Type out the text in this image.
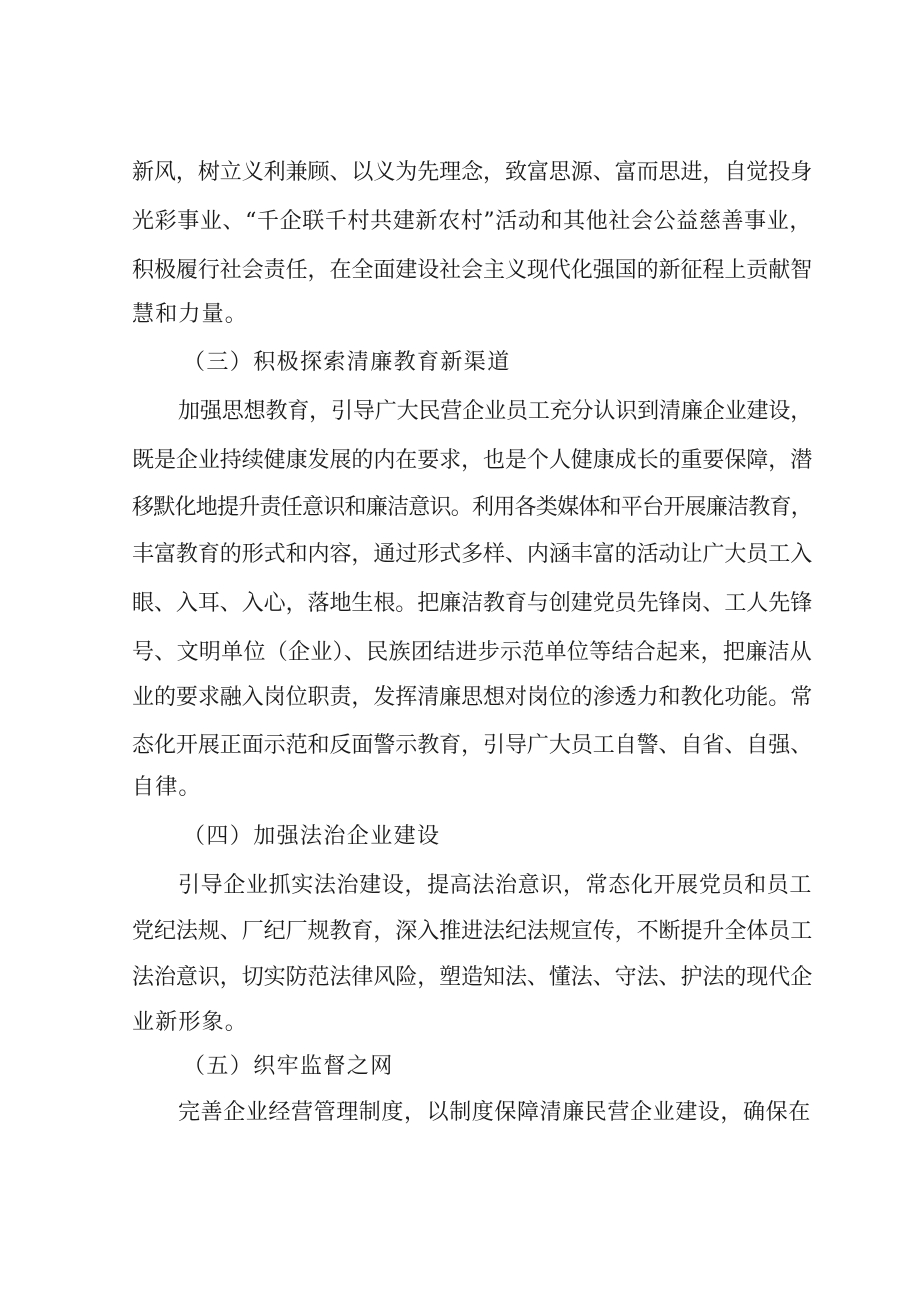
新风，树立义利兼顾、以义为先理念，致富思源、富而思进，自觉投身
光彩事业、“千企联千村共建新农村”活动和其他社会公益慈善事业，
积极履行社会责任，在全面建设社会主义现代化强国的新征程上贡献智
慧和力量。
（三）积极探索清廉教育新渠道
加强思想教育，引导广大民营企业员工充分认识到清廉企业建设，
既是企业持续健康发展的内在要求，也是个人健康成长的重要保障，潜
移默化地提升责任意识和廉洁意识。利用各类媒体和平台开展廉洁教育，
丰富教育的形式和内容，通过形式多样、内涵丰富的活动让广大员工入
眼、入耳、入心，落地生根。把廉洁教育与创建党员先锋岗、工人先锋
号、文明单位（企业）、民族团结进步示范单位等结合起来，把廉洁从
业的要求融入岗位职责，发挥清廉思想对岗位的渗透力和教化功能。常
态化开展正面示范和反面警示教育，引导广大员工自警、自省、自强、
自律。
（四）加强法治企业建设
引导企业抓实法治建设，提高法治意识，常态化开展党员和员工
党纪法规、厂纪厂规教育，深入推进法纪法规宣传，不断提升全体员工
法治意识，切实防范法律风险，塑造知法、懂法、守法、护法的现代企
业新形象。
（五）织牢监督之网
完善企业经营管理制度，以制度保障清廉民营企业建设，确保在
